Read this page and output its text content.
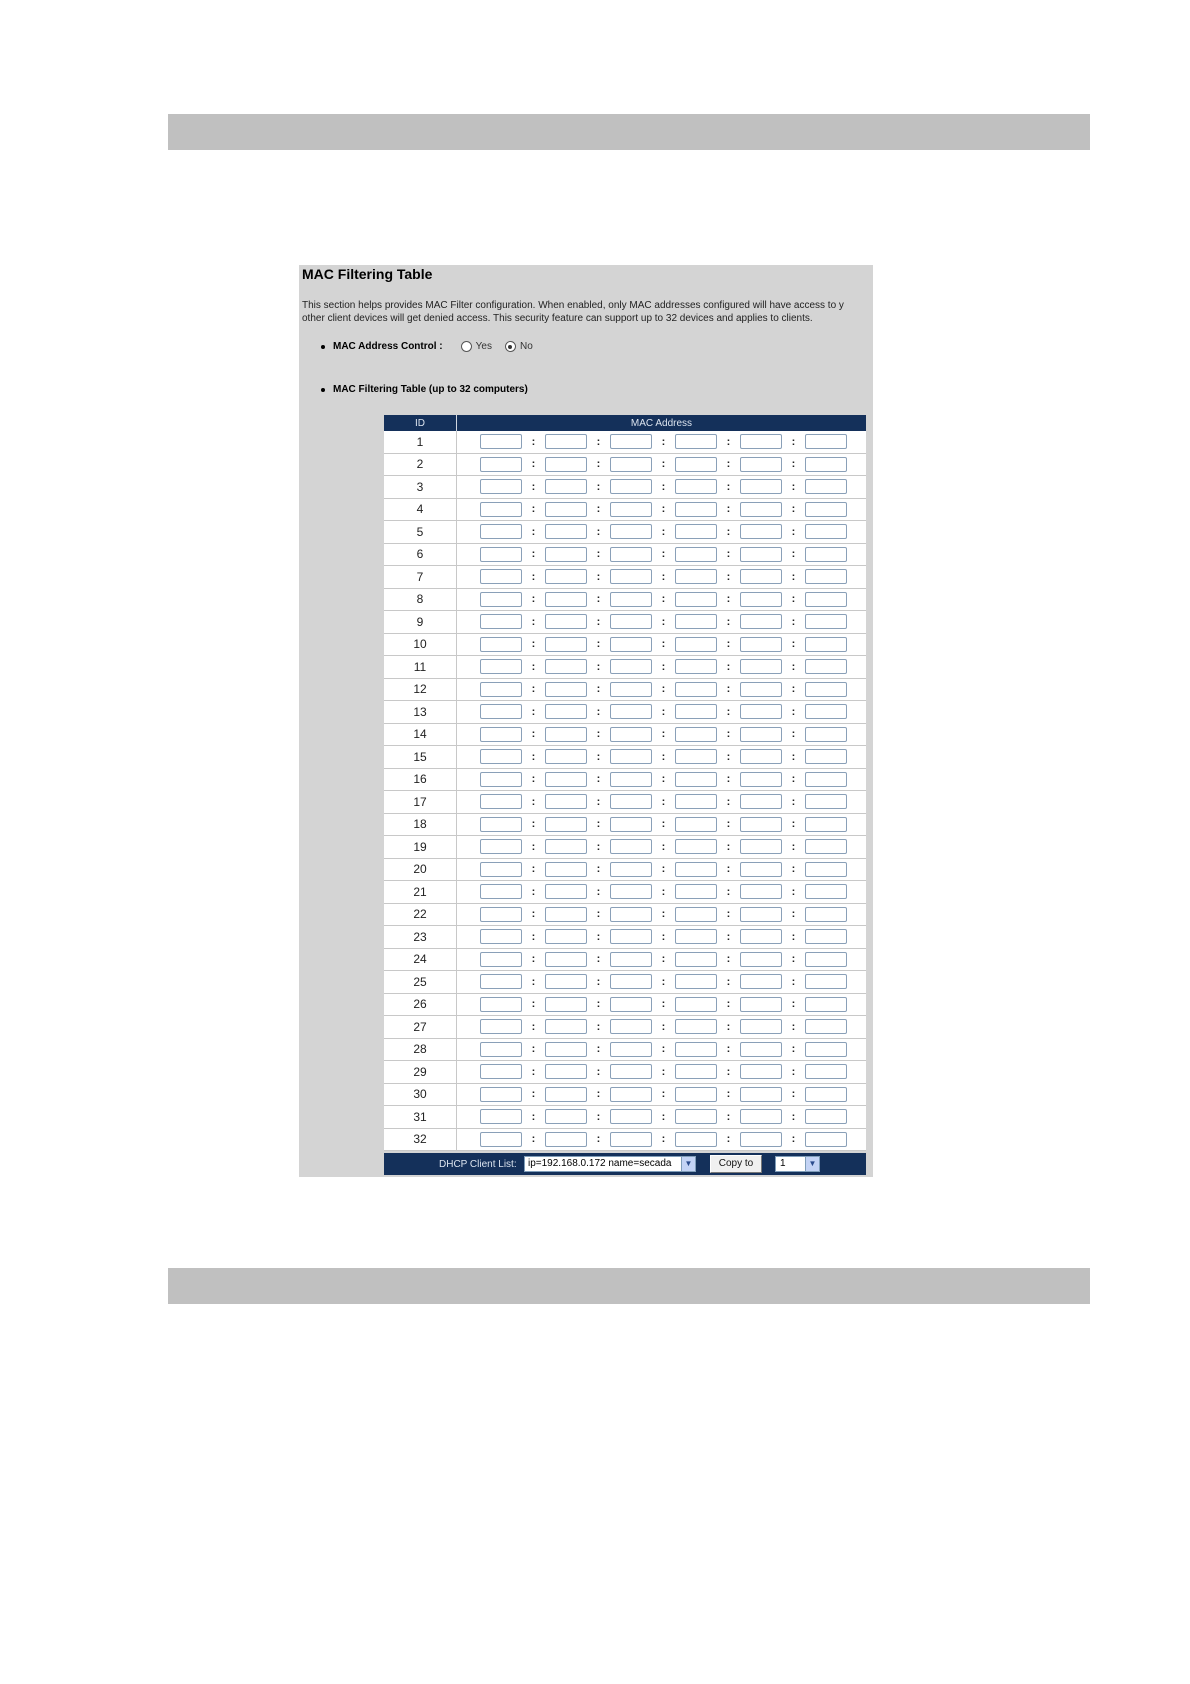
MAC Filtering Table
This section helps provides MAC Filter configuration. When enabled, only MAC addresses configured will have access to y
other client devices will get denied access. This security feature can support up to 32 devices and applies to clients.
MAC Address Control :	Yes	No
MAC Filtering Table (up to 32 computers)
ID	MAC Address
1	: : : : :

2	: : : : :

3	: : : : :

4	: : : : :

5	: : : : :

6	: : : : :

7	: : : : :

8	: : : : :

9	: : : : :

10	: : : : :

11	: : : : :

12	: : : : :

13	: : : : :

14	: : : : :

15	: : : : :

16	: : : : :

17	: : : : :

18	: : : : :

19	: : : : :

20	: : : : :

21	: : : : :

22	: : : : :

23	: : : : :

24	: : : : :

25	: : : : :

26	: : : : :

27	: : : : :

28	: : : : :

29	: : : : :

30	: : : : :

31	: : : : :

32	: : : : :
DHCP Client List: ip=192.168.0.172 name=secada	▼	Copy to	1	▼
